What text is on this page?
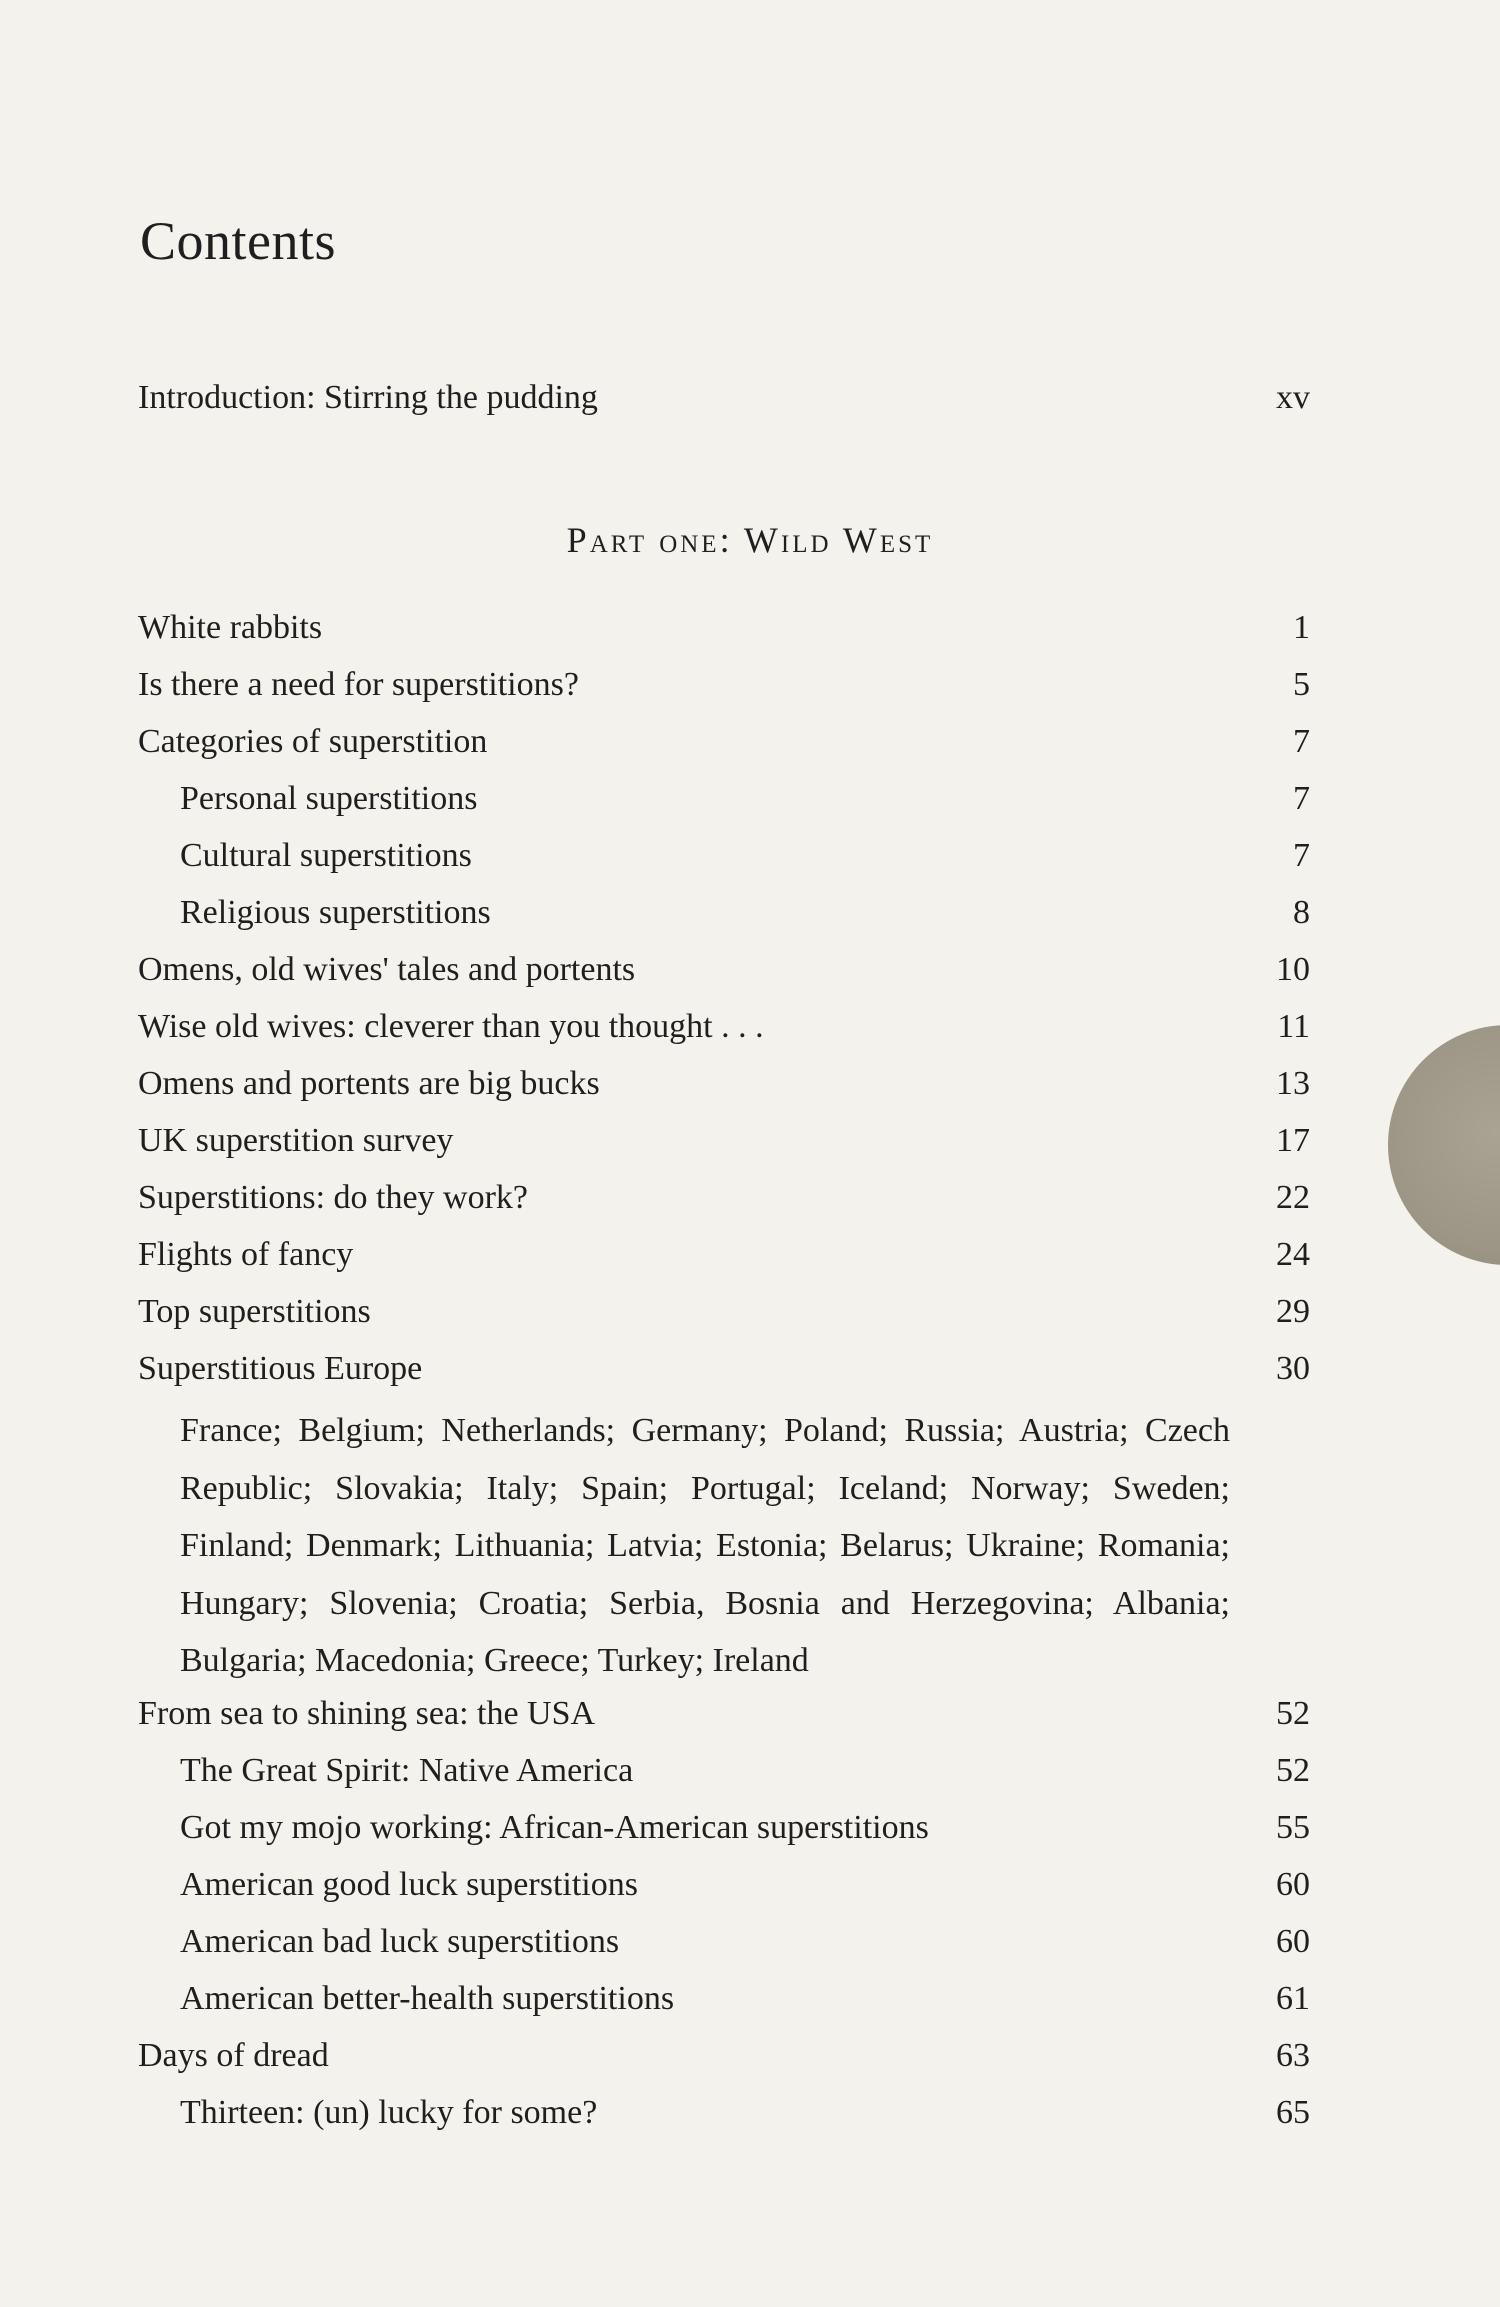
Contents
Introduction: Stirring the pudding	xv
Part one: Wild West
White rabbits	1
Is there a need for superstitions?	5
Categories of superstition	7
Personal superstitions	7
Cultural superstitions	7
Religious superstitions	8
Omens, old wives' tales and portents	10
Wise old wives: cleverer than you thought . . .	11
Omens and portents are big bucks	13
UK superstition survey	17
Superstitions: do they work?	22
Flights of fancy	24
Top superstitions	29
Superstitious Europe	30
France; Belgium; Netherlands; Germany; Poland; Russia; Austria; Czech Republic; Slovakia; Italy; Spain; Portugal; Iceland; Norway; Sweden; Finland; Denmark; Lithuania; Latvia; Estonia; Belarus; Ukraine; Romania; Hungary; Slovenia; Croatia; Serbia, Bosnia and Herzegovina; Albania; Bulgaria; Macedonia; Greece; Turkey; Ireland
From sea to shining sea: the USA	52
The Great Spirit: Native America	52
Got my mojo working: African-American superstitions	55
American good luck superstitions	60
American bad luck superstitions	60
American better-health superstitions	61
Days of dread	63
Thirteen: (un) lucky for some?	65
